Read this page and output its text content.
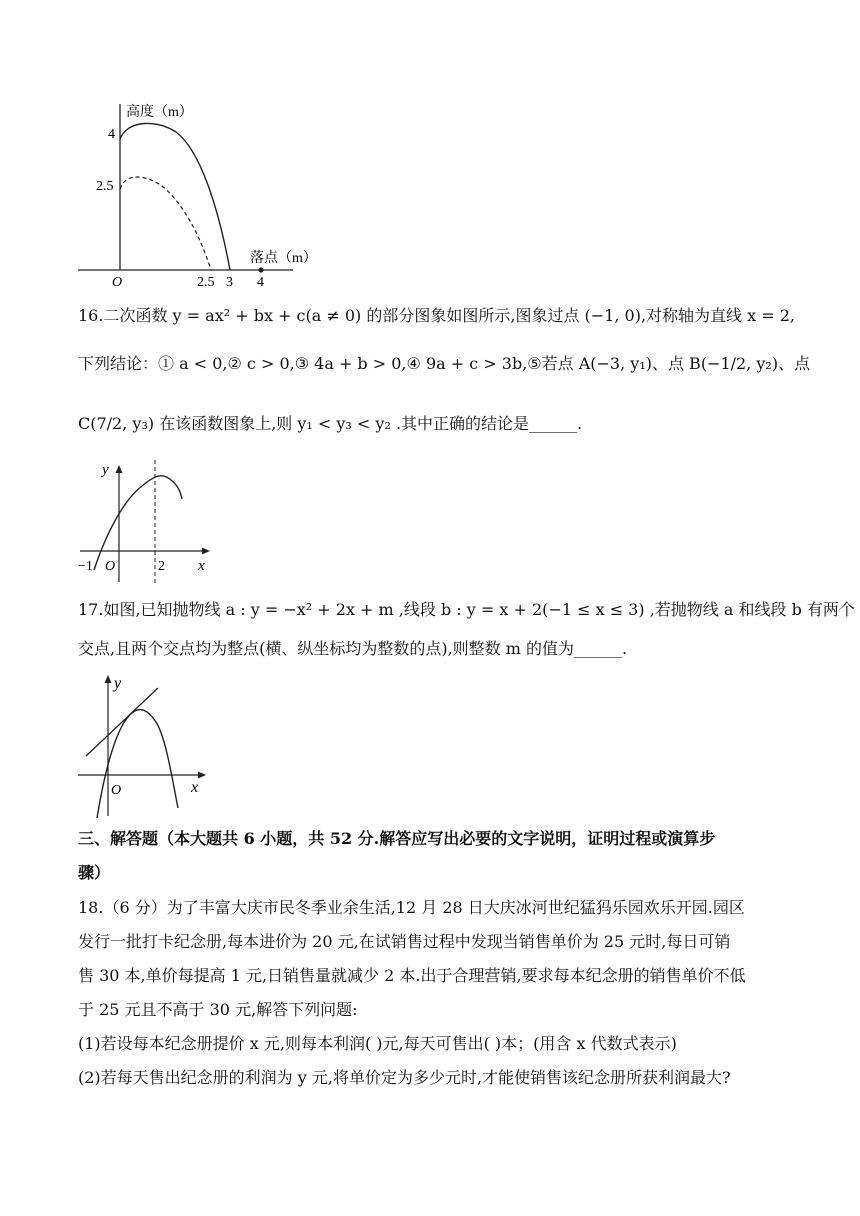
高度（m）
4
2.5
O	2.5 3 4
落点（m）
16.二次函数 y = ax² + bx + c(a ≠ 0) 的部分图象如图所示,图象过点 (−1, 0),对称轴为直线 x = 2,
下列结论：① a < 0,② c > 0,③ 4a + b > 0,④ 9a + c > 3b,⑤若点 A(−3, y₁)、点 B(−1/2, y₂)、点
C(7/2, y₃) 在该函数图象上,则 y₁ < y₃ < y₂ .其中正确的结论是______.
y
x
−1 O	2
17.如图,已知抛物线 a : y = −x² + 2x + m ,线段 b : y = x + 2(−1 ≤ x ≤ 3) ,若抛物线 a 和线段 b 有两个
交点,且两个交点均为整点(横、纵坐标均为整数的点),则整数 m 的值为______.
y
x
O
三、解答题（本大题共 6 小题，共 52 分.解答应写出必要的文字说明，证明过程或演算步
骤）
18.（6 分）为了丰富大庆市民冬季业余生活,12 月 28 日大庆冰河世纪猛犸乐园欢乐开园.园区
发行一批打卡纪念册,每本进价为 20 元,在试销售过程中发现当销售单价为 25 元时,每日可销
售 30 本,单价每提高 1 元,日销售量就减少 2 本.出于合理营销,要求每本纪念册的销售单价不低
于 25 元且不高于 30 元,解答下列问题:
(1)若设每本纪念册提价 x 元,则每本利润( )元,每天可售出( )本；(用含 x 代数式表示)
(2)若每天售出纪念册的利润为 y 元,将单价定为多少元时,才能使销售该纪念册所获利润最大?
